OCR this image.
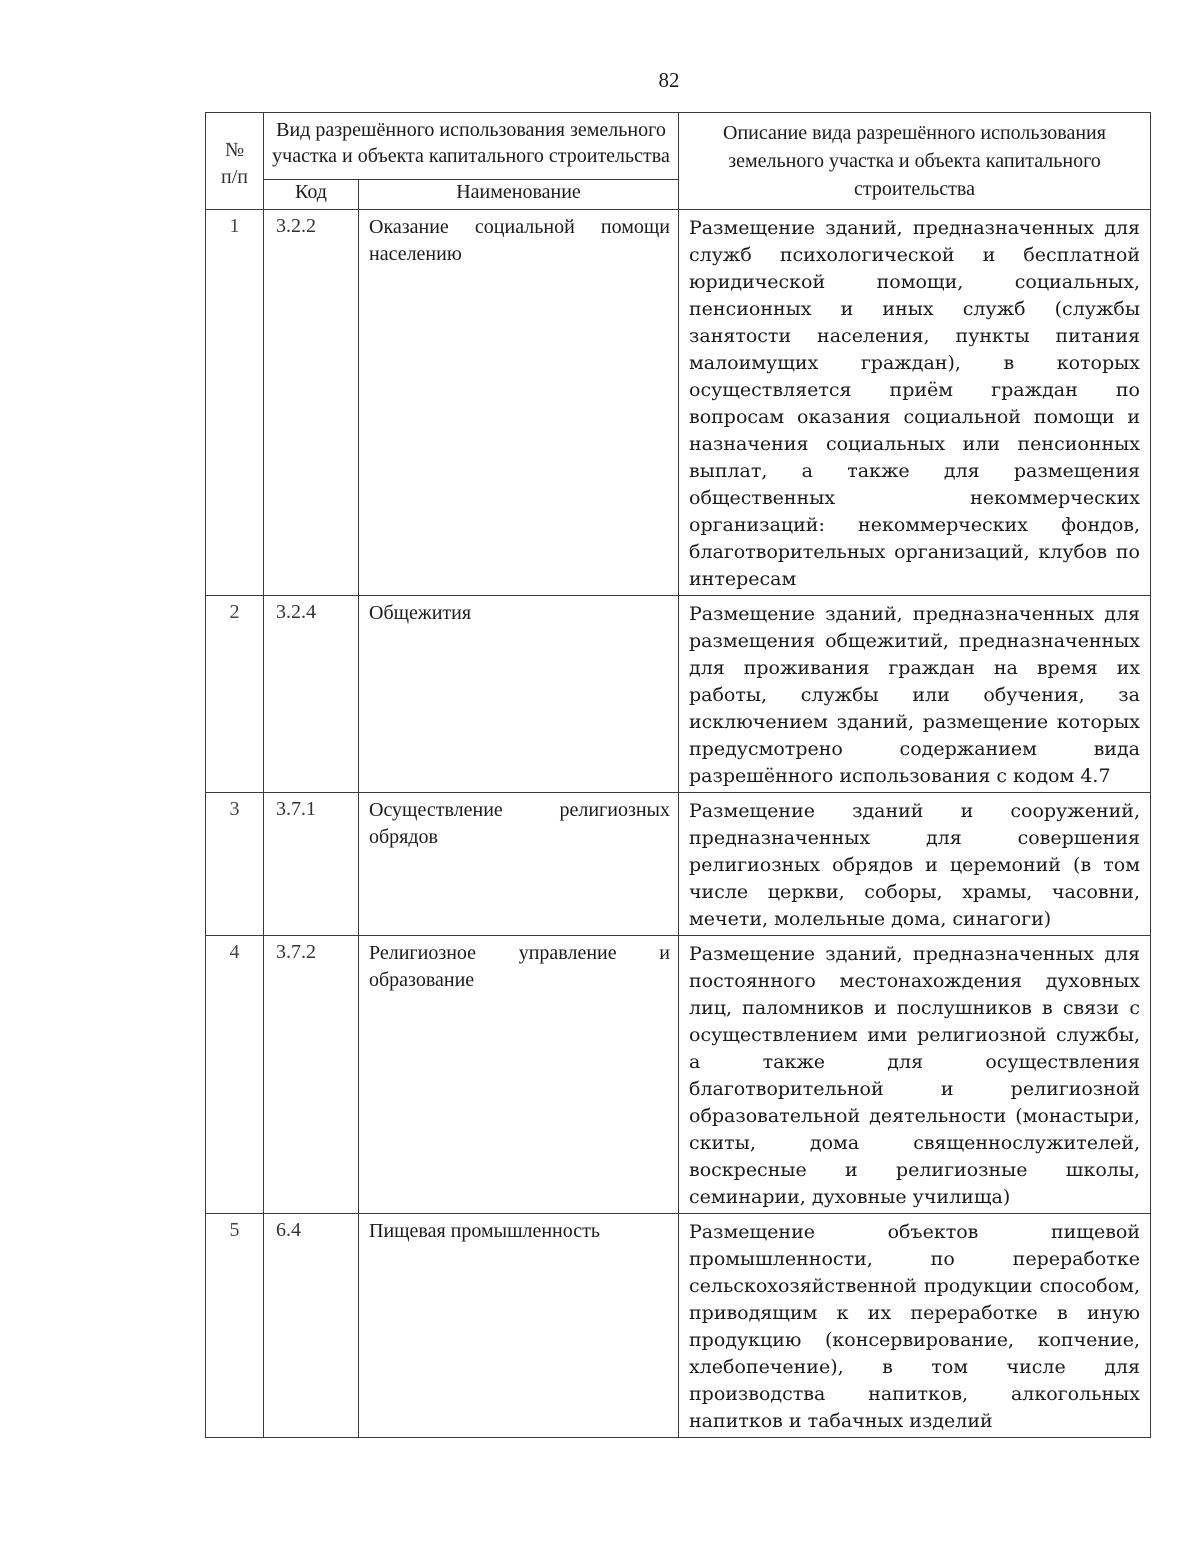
82
№
п/п	Вид разрешённого использования земельного участка и объекта капитального строительства		Описание вида разрешённого использования земельного участка и объекта капитального строительства
	Код	Наименование	
1	3.2.2	Оказание социальной помощи населению	Размещение зданий, предназначенных для служб психологической и бесплатной юридической помощи, социальных, пенсионных и иных служб (службы занятости населения, пункты питания малоимущих граждан), в которых осуществляется приём граждан по вопросам оказания социальной помощи и назначения социальных или пенсионных выплат, а также для размещения общественных некоммерческих организаций: некоммерческих фондов, благотворительных организаций, клубов по интересам
2	3.2.4	Общежития	Размещение зданий, предназначенных для размещения общежитий, предназначенных для проживания граждан на время их работы, службы или обучения, за исключением зданий, размещение которых предусмотрено содержанием вида разрешённого использования с кодом 4.7
3	3.7.1	Осуществление религиозных обрядов	Размещение зданий и сооружений, предназначенных для совершения религиозных обрядов и церемоний (в том числе церкви, соборы, храмы, часовни, мечети, молельные дома, синагоги)
4	3.7.2	Религиозное управление и образование	Размещение зданий, предназначенных для постоянного местонахождения духовных лиц, паломников и послушников в связи с осуществлением ими религиозной службы, а также для осуществления благотворительной и религиозной образовательной деятельности (монастыри, скиты, дома священнослужителей, воскресные и религиозные школы, семинарии, духовные училища)
5	6.4	Пищевая промышленность	Размещение объектов пищевой промышленности, по переработке сельскохозяйственной продукции способом, приводящим к их переработке в иную продукцию (консервирование, копчение, хлебопечение), в том числе для производства напитков, алкогольных напитков и табачных изделий
